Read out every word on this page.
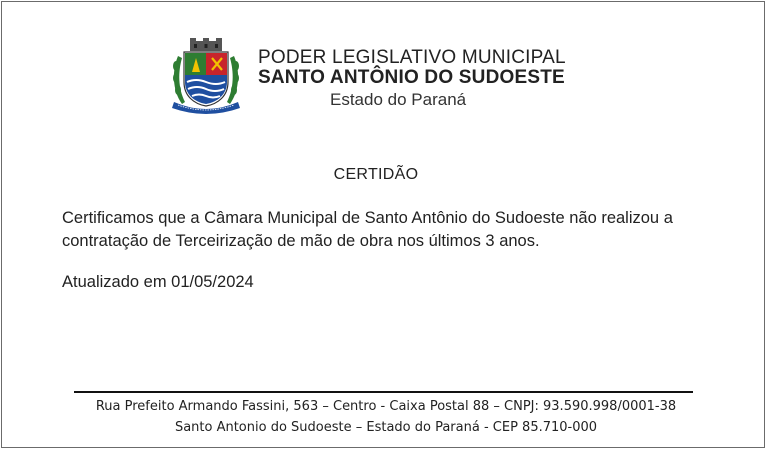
PODER LEGISLATIVO MUNICIPAL
SANTO ANTÔNIO DO SUDOESTE
Estado do Paraná
CERTIDÃO
Certificamos que a Câmara Municipal de Santo Antônio do Sudoeste não realizou a contratação de Terceirização de mão de obra nos últimos 3 anos.
Atualizado em 01/05/2024
Rua Prefeito Armando Fassini, 563 – Centro - Caixa Postal 88 – CNPJ: 93.590.998/0001-38
Santo Antonio do Sudoeste – Estado do Paraná - CEP 85.710-000
